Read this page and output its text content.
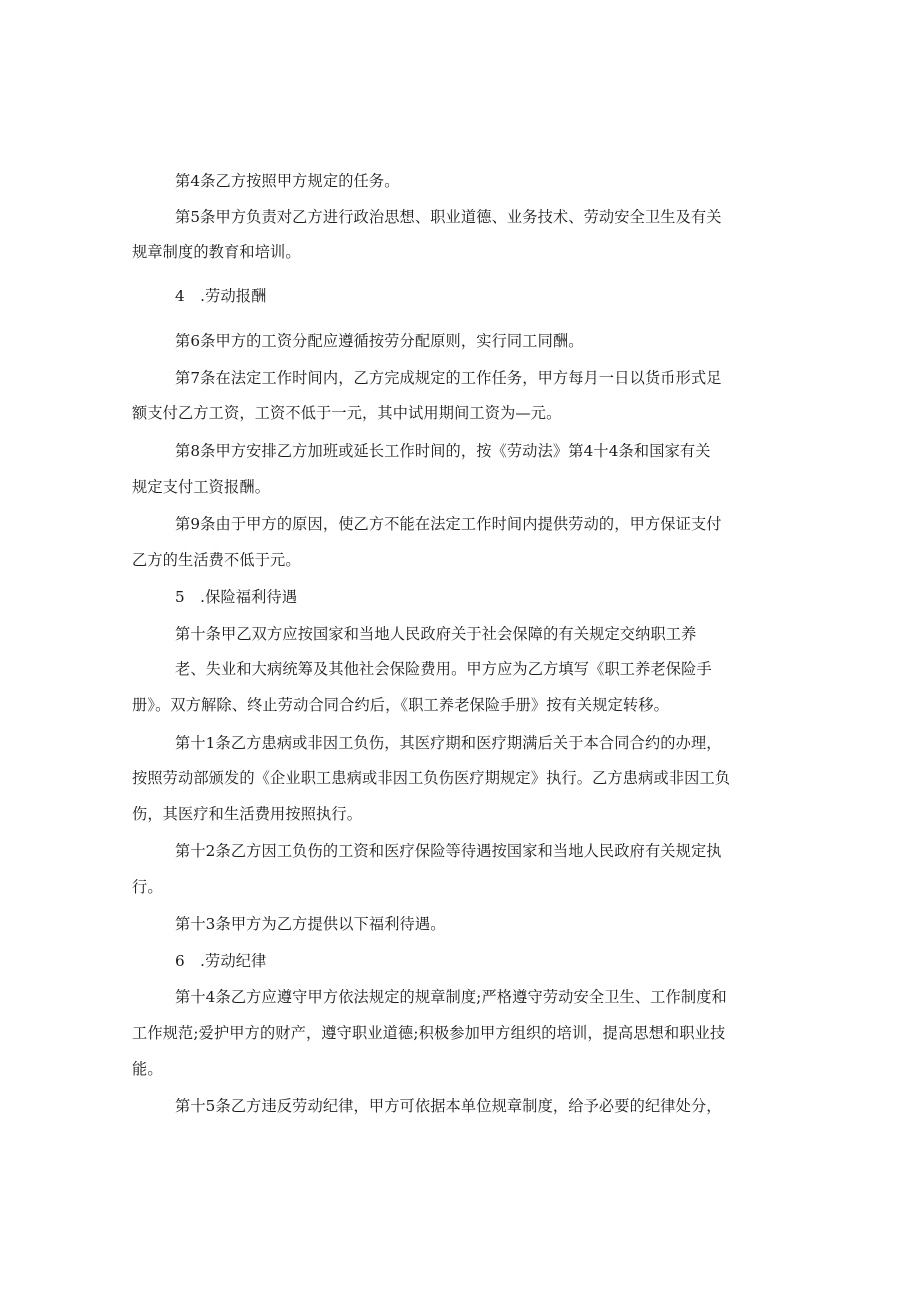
第4条乙方按照甲方规定的任务。
第5条甲方负责对乙方进行政治思想、职业道德、业务技术、劳动安全卫生及有关
规章制度的教育和培训。
4　.劳动报酬
第6条甲方的工资分配应遵循按劳分配原则，实行同工同酬。
第7条在法定工作时间内，乙方完成规定的工作任务，甲方每月一日以货币形式足
额支付乙方工资，工资不低于一元，其中试用期间工资为—元。
第8条甲方安排乙方加班或延长工作时间的，按《劳动法》第4十4条和国家有关
规定支付工资报酬。
第9条由于甲方的原因，使乙方不能在法定工作时间内提供劳动的，甲方保证支付
乙方的生活费不低于元。
5　.保险福利待遇
第十条甲乙双方应按国家和当地人民政府关于社会保障的有关规定交纳职工养
老、失业和大病统筹及其他社会保险费用。甲方应为乙方填写《职工养老保险手
册》。双方解除、终止劳动合同合约后，《职工养老保险手册》按有关规定转移。
第十1条乙方患病或非因工负伤，其医疗期和医疗期满后关于本合同合约的办理，
按照劳动部颁发的《企业职工患病或非因工负伤医疗期规定》执行。乙方患病或非因工负
伤，其医疗和生活费用按照执行。
第十2条乙方因工负伤的工资和医疗保险等待遇按国家和当地人民政府有关规定执
行。
第十3条甲方为乙方提供以下福利待遇。
6　.劳动纪律
第十4条乙方应遵守甲方依法规定的规章制度;严格遵守劳动安全卫生、工作制度和
工作规范;爱护甲方的财产，遵守职业道德;积极参加甲方组织的培训，提高思想和职业技
能。
第十5条乙方违反劳动纪律，甲方可依据本单位规章制度，给予必要的纪律处分，
